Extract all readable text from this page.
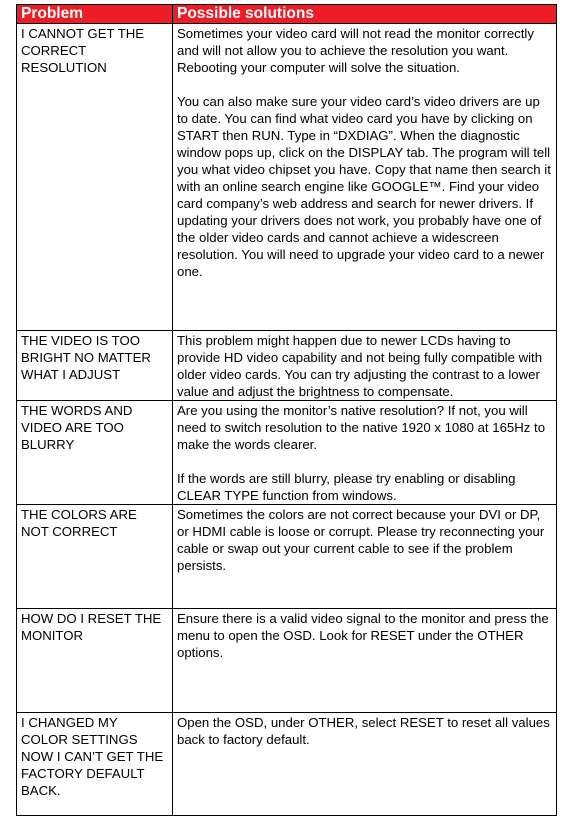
Problem	Possible solutions
I CANNOT GET THE CORRECT RESOLUTION	Sometimes your video card will not read the monitor correctly and will not allow you to achieve the resolution you want. Rebooting your computer will solve the situation.

You can also make sure your video card’s video drivers are up to date. You can find what video card you have by clicking on START then RUN. Type in “DXDIAG”. When the diagnostic window pops up, click on the DISPLAY tab. The program will tell you what video chipset you have. Copy that name then search it with an online search engine like GOOGLE™. Find your video card company’s web address and search for newer drivers. If updating your drivers does not work, you probably have one of the older video cards and cannot achieve a widescreen resolution. You will need to upgrade your video card to a newer one.

THE VIDEO IS TOO BRIGHT NO MATTER WHAT I ADJUST	This problem might happen due to newer LCDs having to provide HD video capability and not being fully compatible with older video cards. You can try adjusting the contrast to a lower value and adjust the brightness to compensate.

THE WORDS AND VIDEO ARE TOO BLURRY	Are you using the monitor’s native resolution? If not, you will need to switch resolution to the native 1920 x 1080 at 165Hz to make the words clearer.

If the words are still blurry, please try enabling or disabling CLEAR TYPE function from windows.

THE COLORS ARE NOT CORRECT	Sometimes the colors are not correct because your DVI or DP, or HDMI cable is loose or corrupt. Please try reconnecting your cable or swap out your current cable to see if the problem persists.

HOW DO I RESET THE MONITOR	Ensure there is a valid video signal to the monitor and press the menu to open the OSD. Look for RESET under the OTHER options.

I CHANGED MY COLOR SETTINGS NOW I CAN’T GET THE FACTORY DEFAULT BACK.	Open the OSD, under OTHER, select RESET to reset all values back to factory default.
